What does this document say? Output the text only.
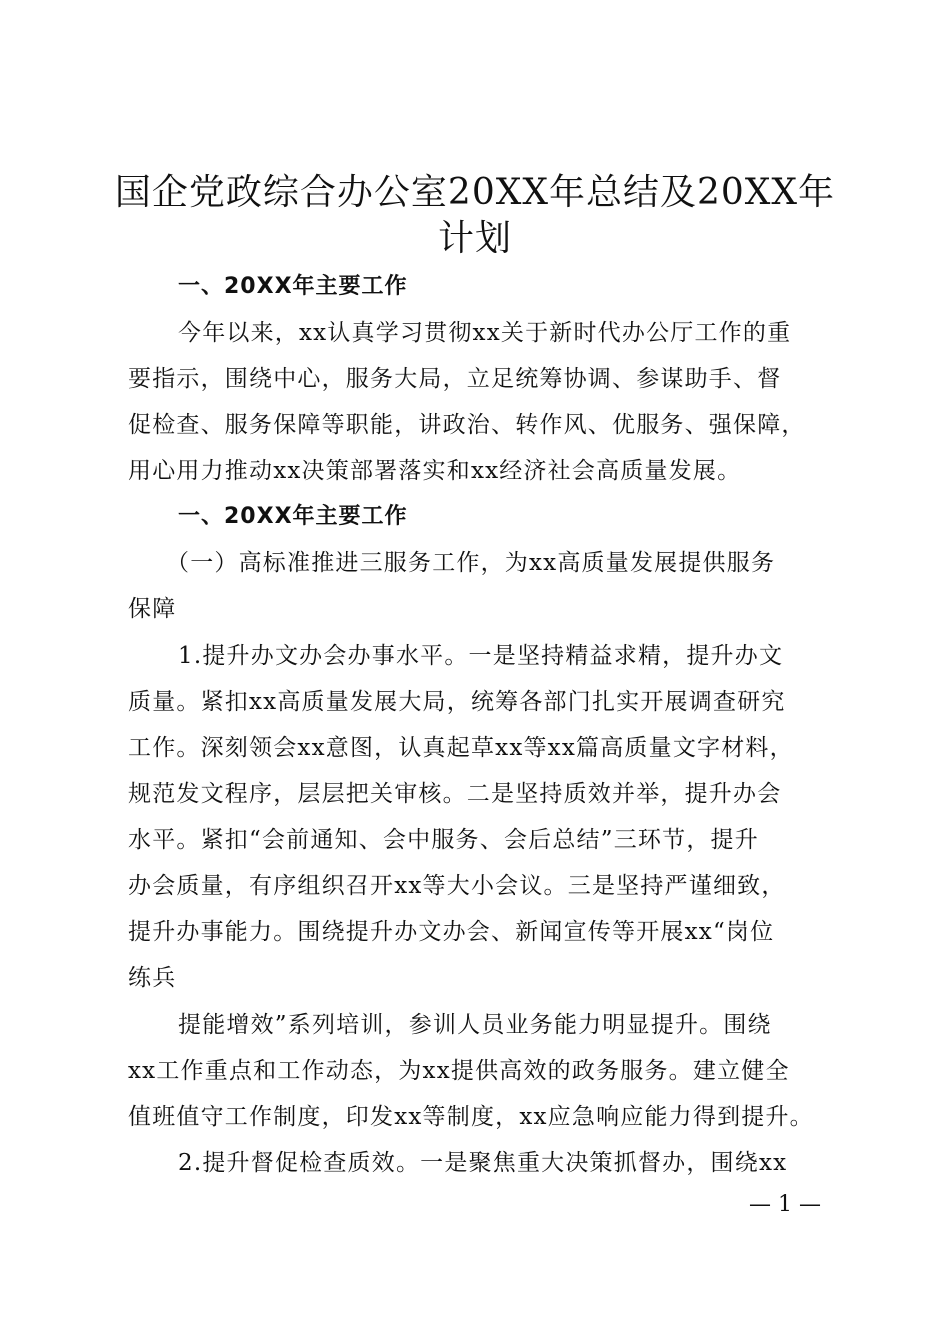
国企党政综合办公室20XX年总结及20XX年
计划
一、20XX年主要工作
今年以来，xx认真学习贯彻xx关于新时代办公厅工作的重
要指示，围绕中心，服务大局，立足统筹协调、参谋助手、督
促检查、服务保障等职能，讲政治、转作风、优服务、强保障，
用心用力推动xx决策部署落实和xx经济社会高质量发展。
一、20XX年主要工作
（一）高标准推进三服务工作，为xx高质量发展提供服务
保障
1.提升办文办会办事水平。一是坚持精益求精，提升办文
质量。紧扣xx高质量发展大局，统筹各部门扎实开展调查研究
工作。深刻领会xx意图，认真起草xx等xx篇高质量文字材料，
规范发文程序，层层把关审核。二是坚持质效并举，提升办会
水平。紧扣“会前通知、会中服务、会后总结”三环节，提升
办会质量，有序组织召开xx等大小会议。三是坚持严谨细致，
提升办事能力。围绕提升办文办会、新闻宣传等开展xx“岗位
练兵
提能增效”系列培训，参训人员业务能力明显提升。围绕
xx工作重点和工作动态，为xx提供高效的政务服务。建立健全
值班值守工作制度，印发xx等制度，xx应急响应能力得到提升。
2.提升督促检查质效。一是聚焦重大决策抓督办，围绕xx
— 1 —
